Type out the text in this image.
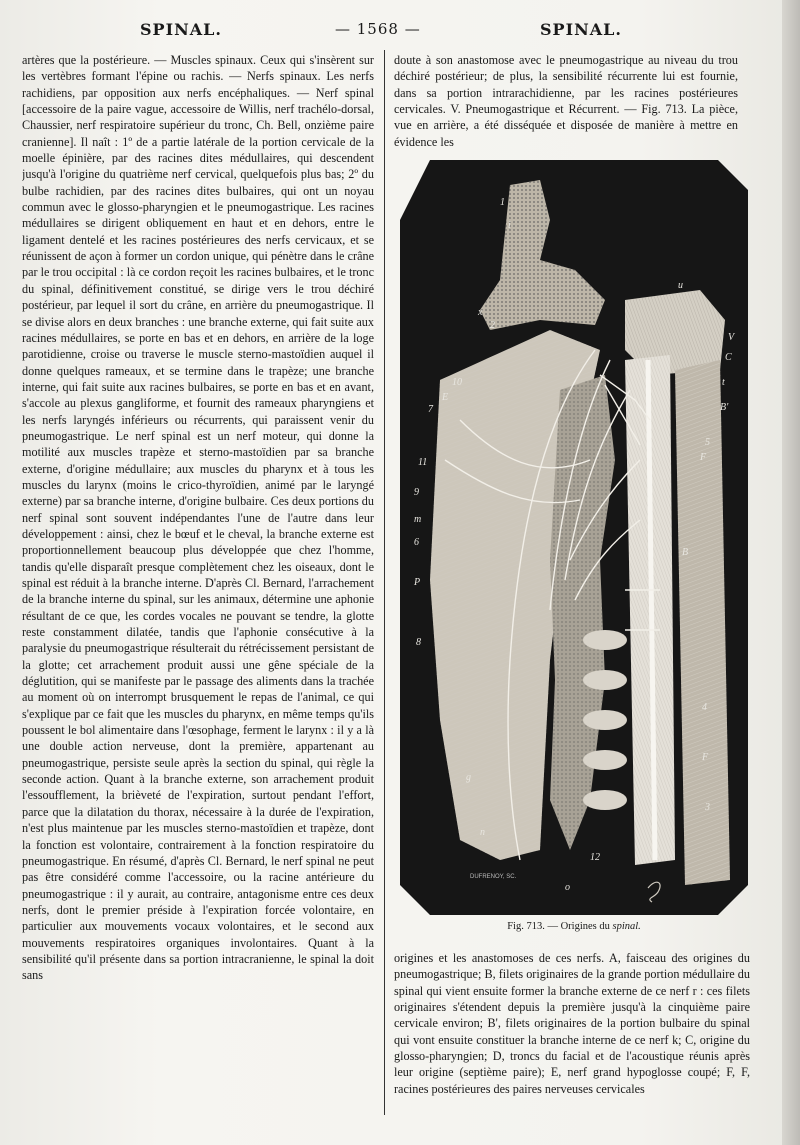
SPINAL.	— 1568 —	SPINAL.

artères que la postérieure. — Muscles spinaux. Ceux qui s'insèrent sur les vertèbres formant l'épine ou rachis. — Nerfs spinaux. Les nerfs rachidiens, par opposition aux nerfs encéphaliques. — Nerf spinal [accessoire de la paire vague, accessoire de Willis, nerf trachélo-dorsal, Chaussier, nerf respiratoire supérieur du tronc, Ch. Bell, onzième paire cranienne]. Il naît : 1º de a partie latérale de la portion cervicale de la moelle épinière, par des racines dites médullaires, qui descendent jusqu'à l'origine du quatrième nerf cervical, quelquefois plus bas; 2º du bulbe rachidien, par des racines dites bulbaires, qui ont un noyau commun avec le glosso-pharyngien et le pneumogastrique. Les racines médullaires se dirigent obliquement en haut et en dehors, entre le ligament dentelé et les racines postérieures des nerfs cervicaux, et se réunissent de açon à former un cordon unique, qui pénètre dans le crâne par le trou occipital : là ce cordon reçoit les racines bulbaires, et le tronc du spinal, définitivement constitué, se dirige vers le trou déchiré postérieur, par lequel il sort du crâne, en arrière du pneumogastrique. Il se divise alors en deux branches : une branche externe, qui fait suite aux racines médullaires, se porte en bas et en dehors, en arrière de la loge parotidienne, croise ou traverse le muscle sterno-mastoïdien auquel il donne quelques rameaux, et se termine dans le trapèze; une branche interne, qui fait suite aux racines bulbaires, se porte en bas et en avant, s'accole au plexus gangliforme, et fournit des rameaux pharyngiens et les nerfs laryngés inférieurs ou récurrents, qui paraissent venir du pneumogastrique. Le nerf spinal est un nerf moteur, qui donne la motilité aux muscles trapèze et sterno-mastoïdien par sa branche externe, d'origine médullaire; aux muscles du pharynx et à tous les muscles du larynx (moins le crico-thyroïdien, animé par le laryngé externe) par sa branche interne, d'origine bulbaire. Ces deux portions du nerf spinal sont souvent indépendantes l'une de l'autre dans leur développement : ainsi, chez le bœuf et le cheval, la branche externe est proportionnellement beaucoup plus développée que chez l'homme, tandis qu'elle disparaît presque complètement chez les oiseaux, dont le spinal est réduit à la branche interne. D'après Cl. Bernard, l'arrachement de la branche interne du spinal, sur les animaux, détermine une aphonie résultant de ce que, les cordes vocales ne pouvant se tendre, la glotte reste constamment dilatée, tandis que l'aphonie consécutive à la paralysie du pneumogastrique résulterait du rétrécissement persistant de la glotte; cet arrachement produit aussi une gêne spéciale de la déglutition, qui se manifeste par le passage des aliments dans la trachée au moment où on interrompt brusquement le repas de l'animal, ce qui s'explique par ce fait que les muscles du pharynx, en même temps qu'ils poussent le bol alimentaire dans l'œsophage, ferment le larynx : il y a là une double action nerveuse, dont la première, appartenant au pneumogastrique, persiste seule après la section du spinal, qui règle la seconde action. Quant à la branche externe, son arrachement produit l'essoufflement, la brièveté de l'expiration, surtout pendant l'effort, parce que la dilatation du thorax, nécessaire à la durée de l'expiration, n'est plus maintenue par les muscles sterno-mastoïdien et trapèze, dont la fonction est volontaire, contrairement à la fonction respiratoire du pneumogastrique. En résumé, d'après Cl. Bernard, le nerf spinal ne peut pas être considéré comme l'accessoire, ou la racine antérieure du pneumogastrique : il y aurait, au contraire, antagonisme entre ces deux nerfs, dont le premier préside à l'expiration forcée volontaire, en particulier aux mouvements vocaux volontaires, et le second aux mouvements respiratoires organiques involontaires. Quant à la sensibilité qu'il présente dans sa portion intracranienne, le spinal la doit sans

doute à son anastomose avec le pneumogastrique au niveau du trou déchiré postérieur; de plus, la sensibilité récurrente lui est fournie, dans sa portion intrarachidienne, par les racines postérieures cervicales. V. Pneumogastrique et Récurrent. — Fig. 713. La pièce, vue en arrière, a été disséquée et disposée de manière à mettre en évidence les

i
1
x
2
10
E
7
11
9
m
6
P
8
g
n
u
V
C
t
B'
5
F
B
4
F
3
12
o
DUFRENOY, SC.
Fig. 713. — Origines du spinal.

origines et les anastomoses de ces nerfs. A, faisceau des origines du pneumogastrique; B, filets originaires de la grande portion médullaire du spinal qui vient ensuite former la branche externe de ce nerf r : ces filets originaires s'étendent depuis la première jusqu'à la cinquième paire cervicale environ; B', filets originaires de la portion bulbaire du spinal qui vont ensuite constituer la branche interne de ce nerf k; C, origine du glosso-pharyngien; D, troncs du facial et de l'acoustique réunis après leur origine (septième paire); E, nerf grand hypoglosse coupé; F, F, racines postérieures des paires nerveuses cervicales
